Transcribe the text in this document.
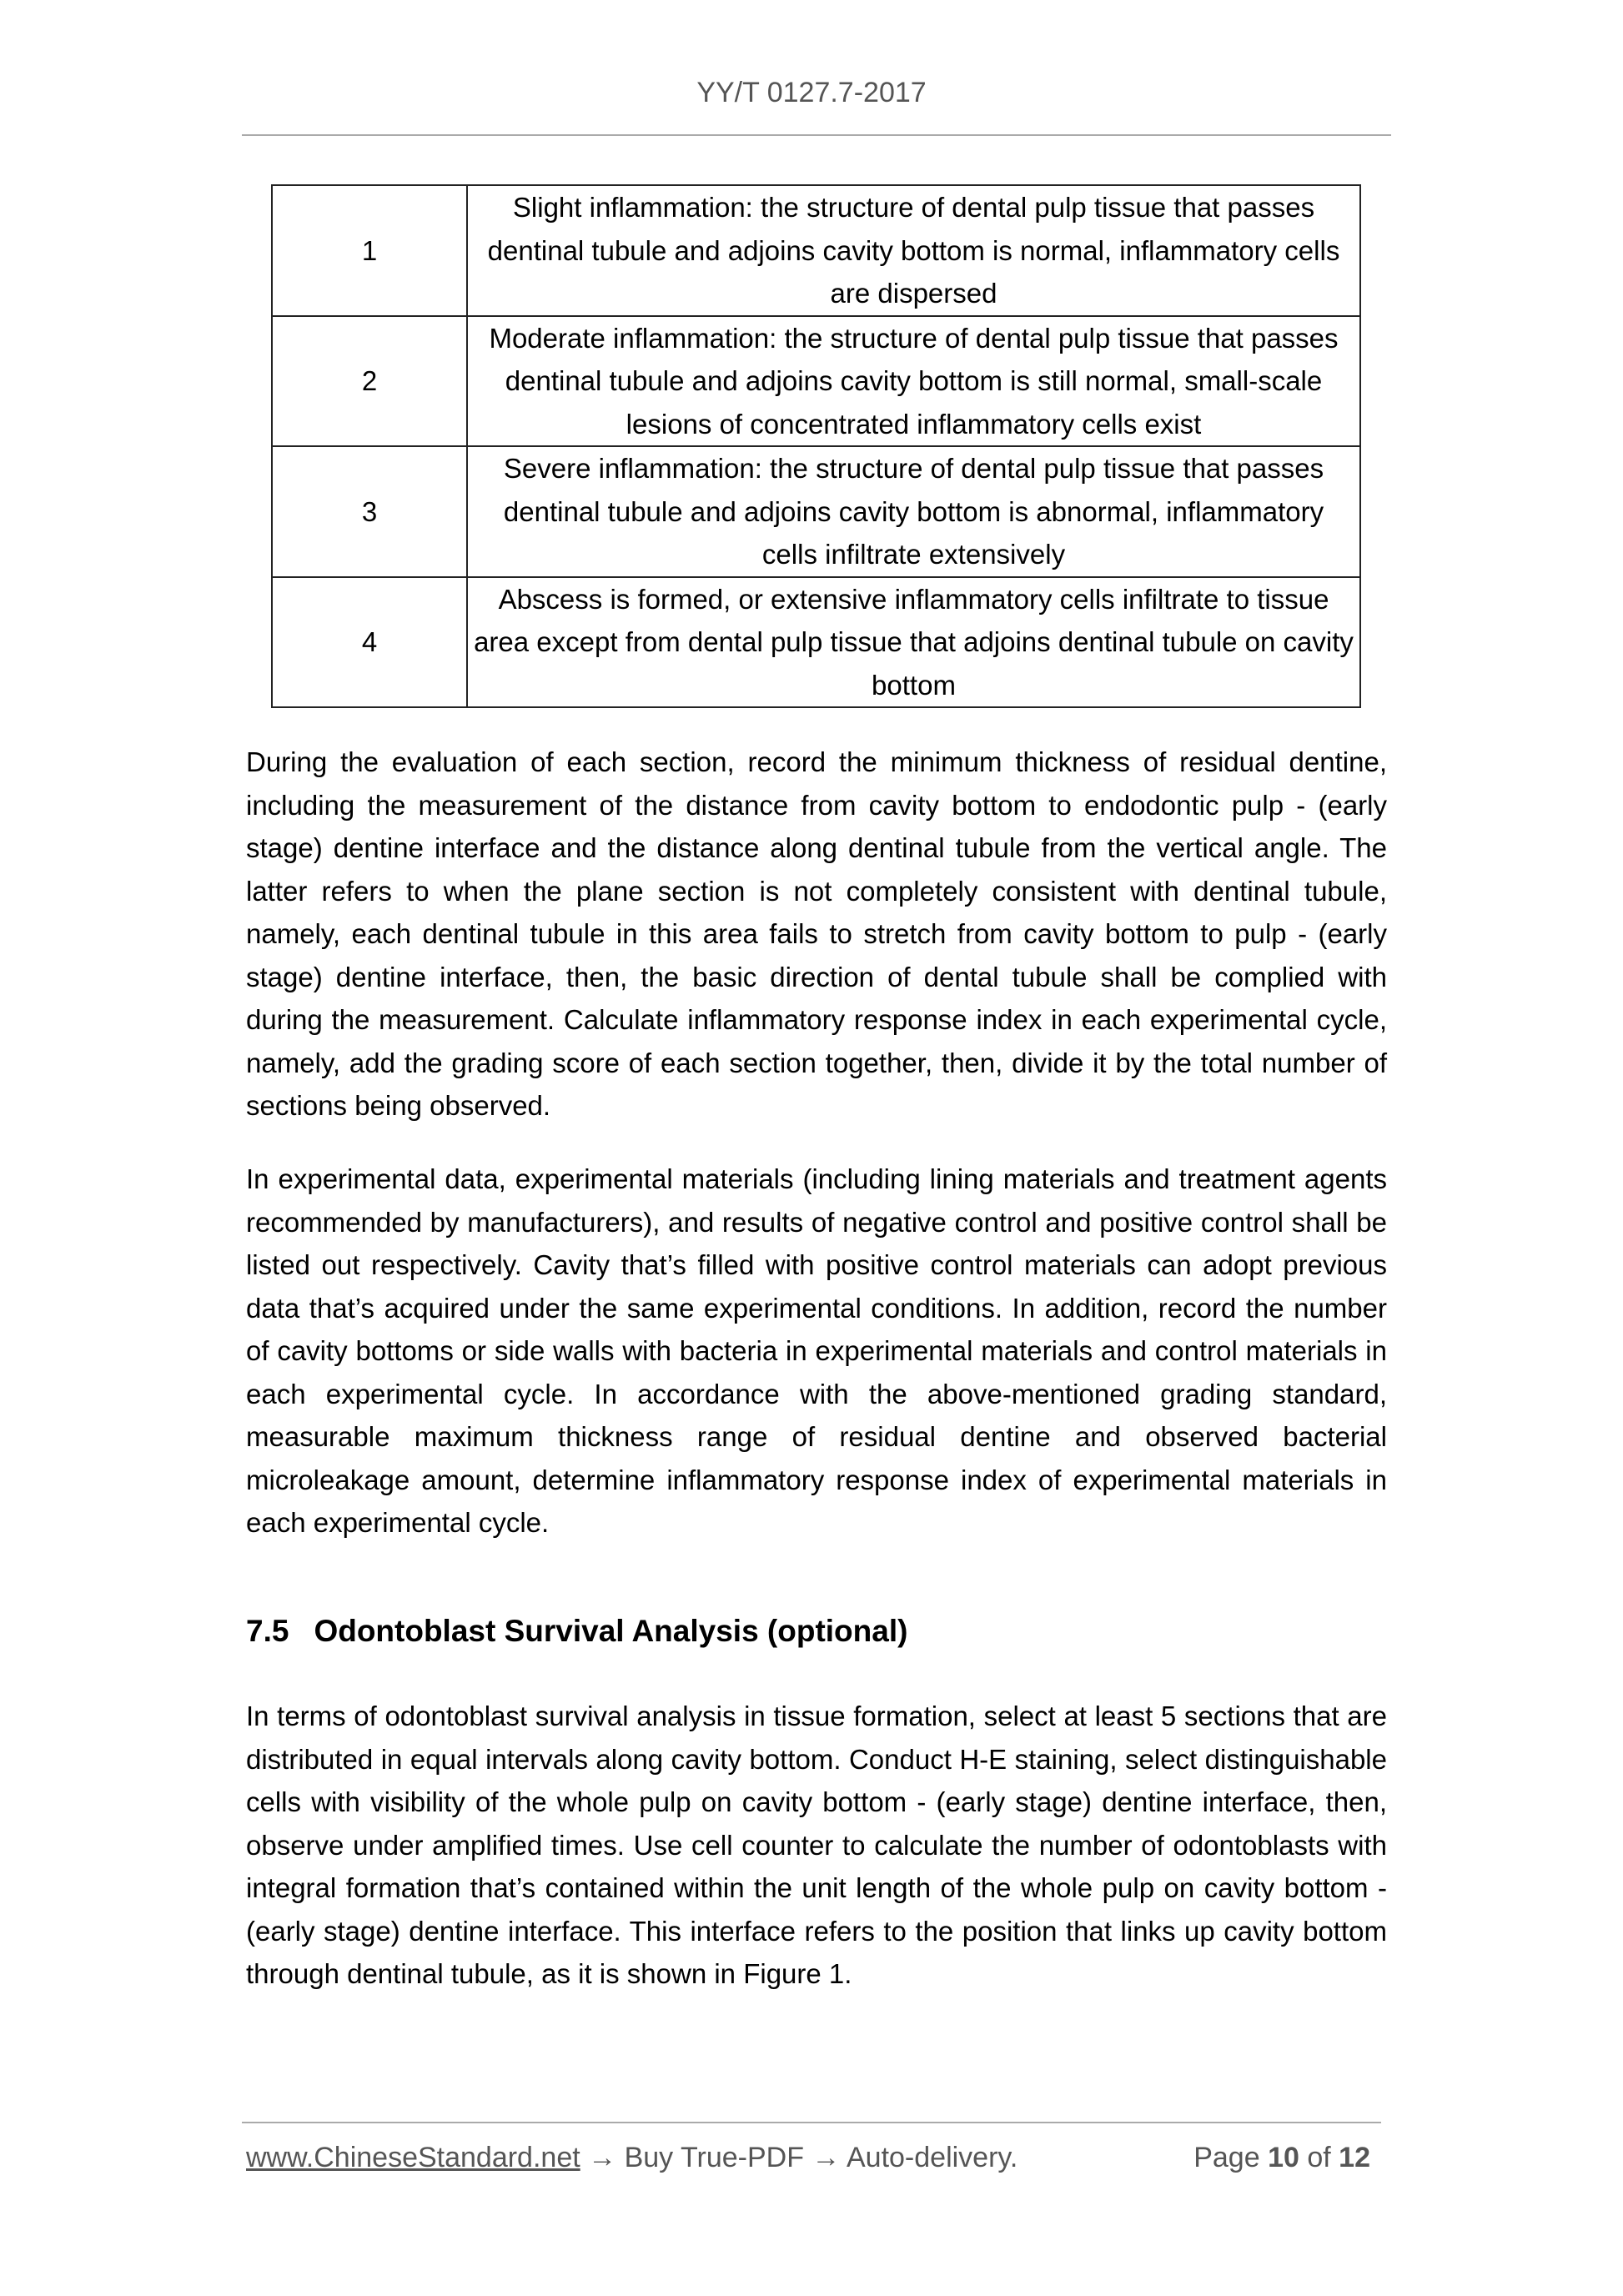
YY/T 0127.7-2017
1	Slight inflammation: the structure of dental pulp tissue that passes dentinal tubule and adjoins cavity bottom is normal, inflammatory cells are dispersed
2	Moderate inflammation: the structure of dental pulp tissue that passes dentinal tubule and adjoins cavity bottom is still normal, small-scale lesions of concentrated inflammatory cells exist
3	Severe inflammation: the structure of dental pulp tissue that passes dentinal tubule and adjoins cavity bottom is abnormal, inflammatory cells infiltrate extensively
4	Abscess is formed, or extensive inflammatory cells infiltrate to tissue area except from dental pulp tissue that adjoins dentinal tubule on cavity bottom

During the evaluation of each section, record the minimum thickness of residual dentine, including the measurement of the distance from cavity bottom to endodontic pulp - (early stage) dentine interface and the distance along dentinal tubule from the vertical angle. The latter refers to when the plane section is not completely consistent with dentinal tubule, namely, each dentinal tubule in this area fails to stretch from cavity bottom to pulp - (early stage) dentine interface, then, the basic direction of dental tubule shall be complied with during the measurement. Calculate inflammatory response index in each experimental cycle, namely, add the grading score of each section together, then, divide it by the total number of sections being observed.

In experimental data, experimental materials (including lining materials and treatment agents recommended by manufacturers), and results of negative control and positive control shall be listed out respectively. Cavity that’s filled with positive control materials can adopt previous data that’s acquired under the same experimental conditions. In addition, record the number of cavity bottoms or side walls with bacteria in experimental materials and control materials in each experimental cycle. In accordance with the above-mentioned grading standard, measurable maximum thickness range of residual dentine and observed bacterial microleakage amount, determine inflammatory response index of experimental materials in each experimental cycle.

7.5 Odontoblast Survival Analysis (optional)

In terms of odontoblast survival analysis in tissue formation, select at least 5 sections that are distributed in equal intervals along cavity bottom. Conduct H-E staining, select distinguishable cells with visibility of the whole pulp on cavity bottom - (early stage) dentine interface, then, observe under amplified times. Use cell counter to calculate the number of odontoblasts with integral formation that’s contained within the unit length of the whole pulp on cavity bottom - (early stage) dentine interface. This interface refers to the position that links up cavity bottom through dentinal tubule, as it is shown in Figure 1.

www.ChineseStandard.net → Buy True-PDF → Auto-delivery.	Page 10 of 12
